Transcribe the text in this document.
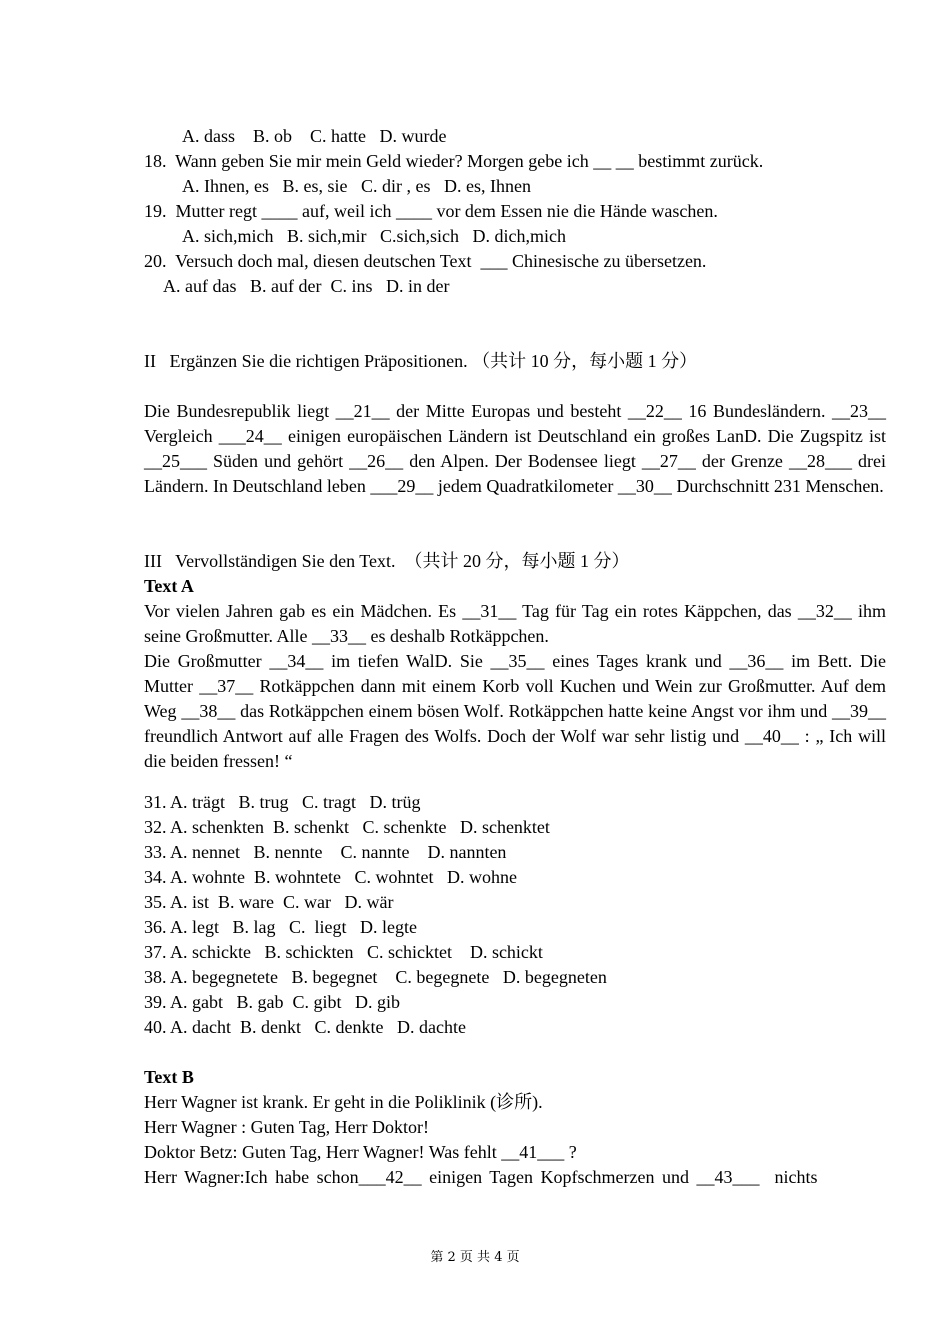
A. dass    B. ob    C. hatte   D. wurde
18.  Wann geben Sie mir mein Geld wieder? Morgen gebe ich __ __ bestimmt zurück.
A. Ihnen, es   B. es, sie   C. dir , es   D. es, Ihnen
19.  Mutter regt ____ auf, weil ich ____ vor dem Essen nie die Hände waschen.
A. sich,mich   B. sich,mir   C.sich,sich   D. dich,mich
20.  Versuch doch mal, diesen deutschen Text  ___ Chinesische zu übersetzen.
A. auf das   B. auf der  C. ins   D. in der
II   Ergänzen Sie die richtigen Präpositionen. （共计 10 分，每小题 1 分）
Die Bundesrepublik liegt __21__ der Mitte Europas und besteht __22__ 16 Bundesländern. __23__ Vergleich ___24__ einigen europäischen Ländern ist Deutschland ein großes LanD. Die Zugspitz ist __25___ Süden und gehört __26__ den Alpen. Der Bodensee liegt __27__ der Grenze __28___ drei Ländern. In Deutschland leben ___29__ jedem Quadratkilometer __30__ Durchschnitt 231 Menschen.
III   Vervollständigen Sie den Text.  （共计 20 分，每小题 1 分）
Text A
Vor vielen Jahren gab es ein Mädchen. Es __31__ Tag für Tag ein rotes Käppchen, das __32__ ihm seine Großmutter. Alle __33__ es deshalb Rotkäppchen.
Die Großmutter __34__ im tiefen WalD. Sie __35__ eines Tages krank und __36__ im Bett. Die Mutter __37__ Rotkäppchen dann mit einem Korb voll Kuchen und Wein zur Großmutter. Auf dem Weg __38__ das Rotkäppchen einem bösen Wolf. Rotkäppchen hatte keine Angst vor ihm und __39__ freundlich Antwort auf alle Fragen des Wolfs. Doch der Wolf war sehr listig und __40__ : „ Ich will die beiden fressen! “
31. A. trägt   B. trug   C. tragt   D. trüg
32. A. schenkten  B. schenkt   C. schenkte   D. schenktet
33. A. nennet   B. nennte    C. nannte    D. nannten
34. A. wohnte  B. wohntete   C. wohntet   D. wohne
35. A. ist  B. ware  C. war   D. wär
36. A. legt   B. lag   C.  liegt   D. legte
37. A. schickte   B. schickten   C. schicktet    D. schickt
38. A. begegnetete   B. begegnet    C. begegnete   D. begegneten
39. A. gabt   B. gab  C. gibt   D. gib
40. A. dacht  B. denkt   C. denkte   D. dachte
Text B
Herr Wagner ist krank. Er geht in die Poliklinik (诊所).
Herr Wagner : Guten Tag, Herr Doktor!
Doktor Betz: Guten Tag, Herr Wagner! Was fehlt __41___ ?
Herr Wagner:Ich habe schon___42__ einigen Tagen Kopfschmerzen und __43___  nichts
第 2 页 共 4 页
